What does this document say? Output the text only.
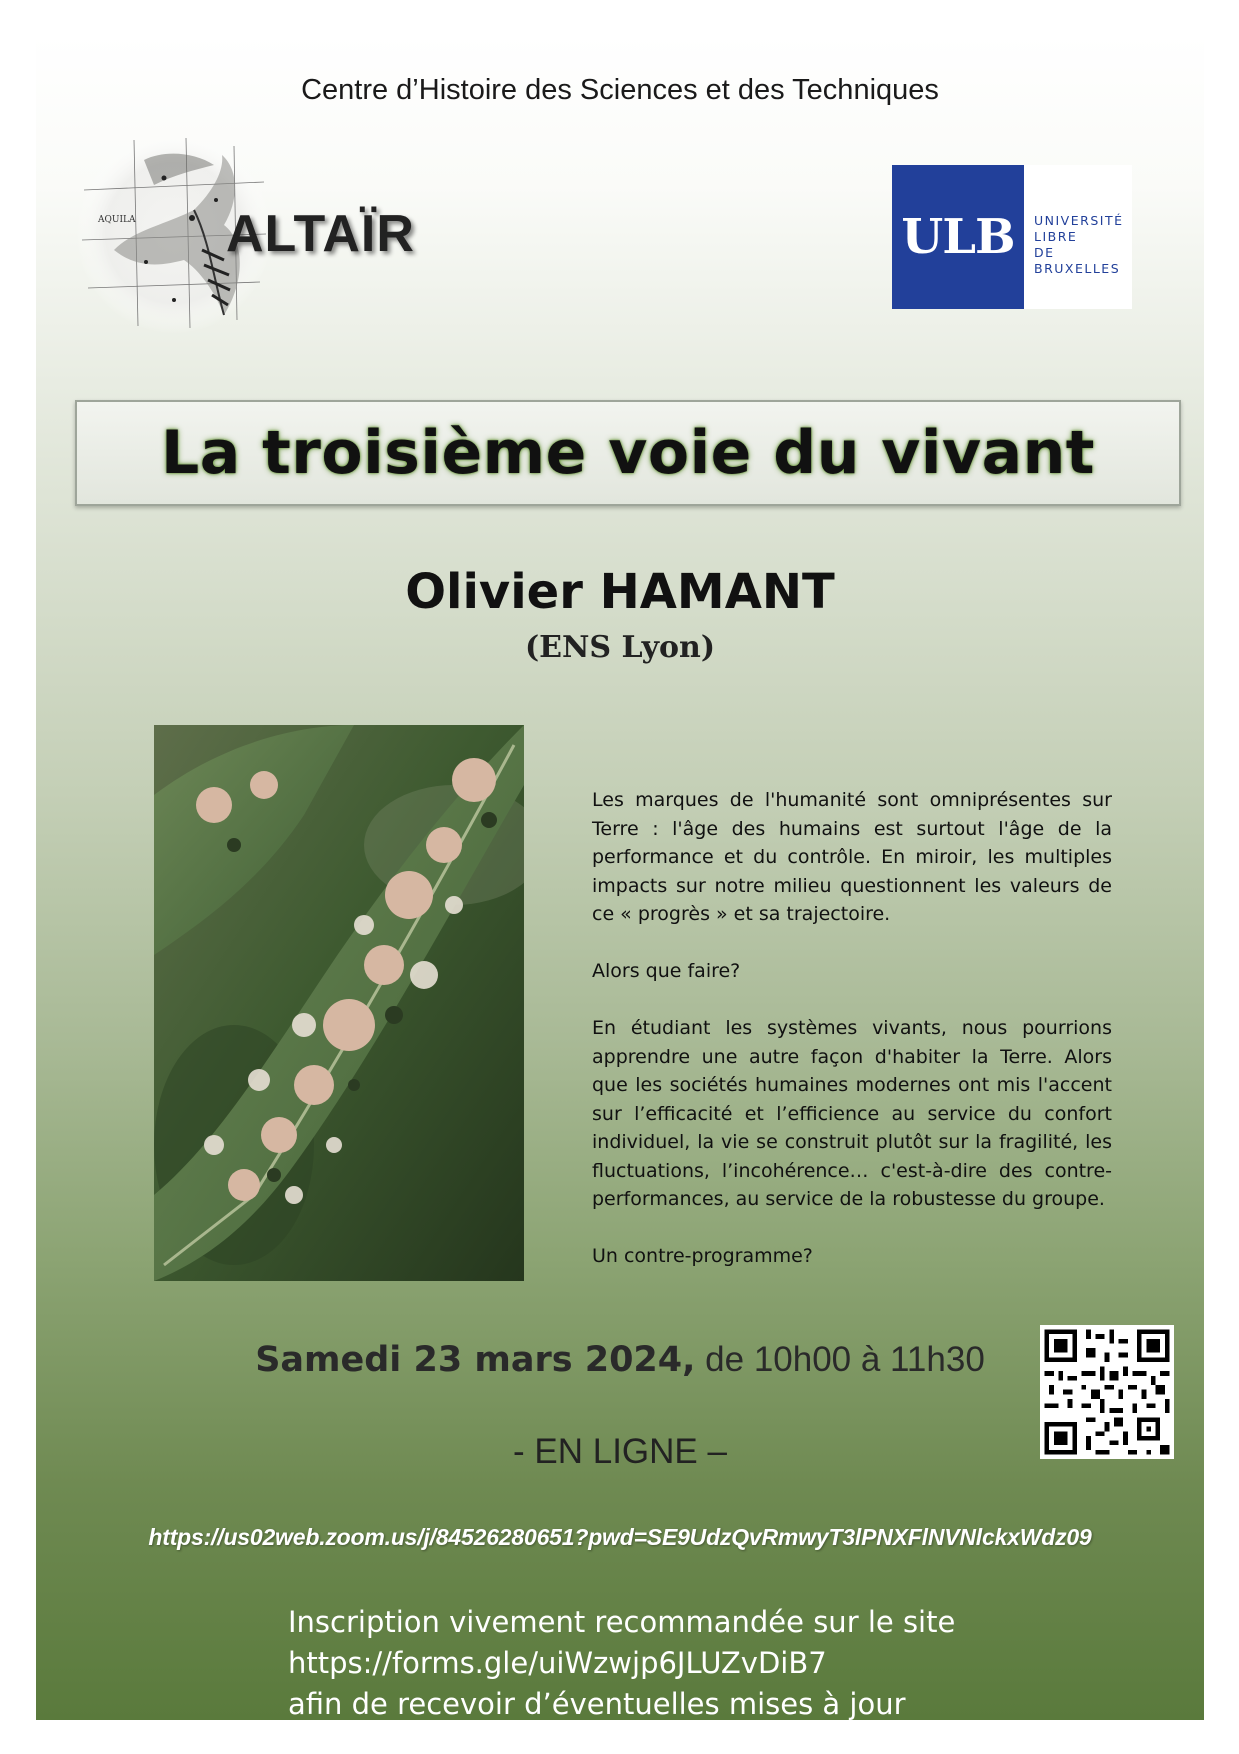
Centre d’Histoire des Sciences et des Techniques
AQUILA ALTAÏR	ULB	UNIVERSITÉ
LIBRE
DE BRUXELLES
La troisième voie du vivant
Olivier HAMANT
(ENS Lyon)

Les marques de l'humanité sont omniprésentes sur Terre : l'âge des humains est surtout l'âge de la performance et du contrôle. En miroir, les multiples impacts sur notre milieu questionnent les valeurs de ce « progrès » et sa trajectoire.

Alors que faire?

En étudiant les systèmes vivants, nous pourrions apprendre une autre façon d'habiter la Terre. Alors que les sociétés humaines modernes ont mis l'accent sur l’efficacité et l’efficience au service du confort individuel, la vie se construit plutôt sur la fragilité, les fluctuations, l’incohérence… c'est-à-dire des contre-performances, au service de la robustesse du groupe.

Un contre-programme?

Samedi 23 mars 2024, de 10h00 à 11h30
- EN LIGNE –
https://us02web.zoom.us/j/84526280651?pwd=SE9UdzQvRmwyT3lPNXFlNVNlckxWdz09
Inscription vivement recommandée sur le site
https://forms.gle/uiWzwjp6JLUZvDiB7
afin de recevoir d’éventuelles mises à jour
